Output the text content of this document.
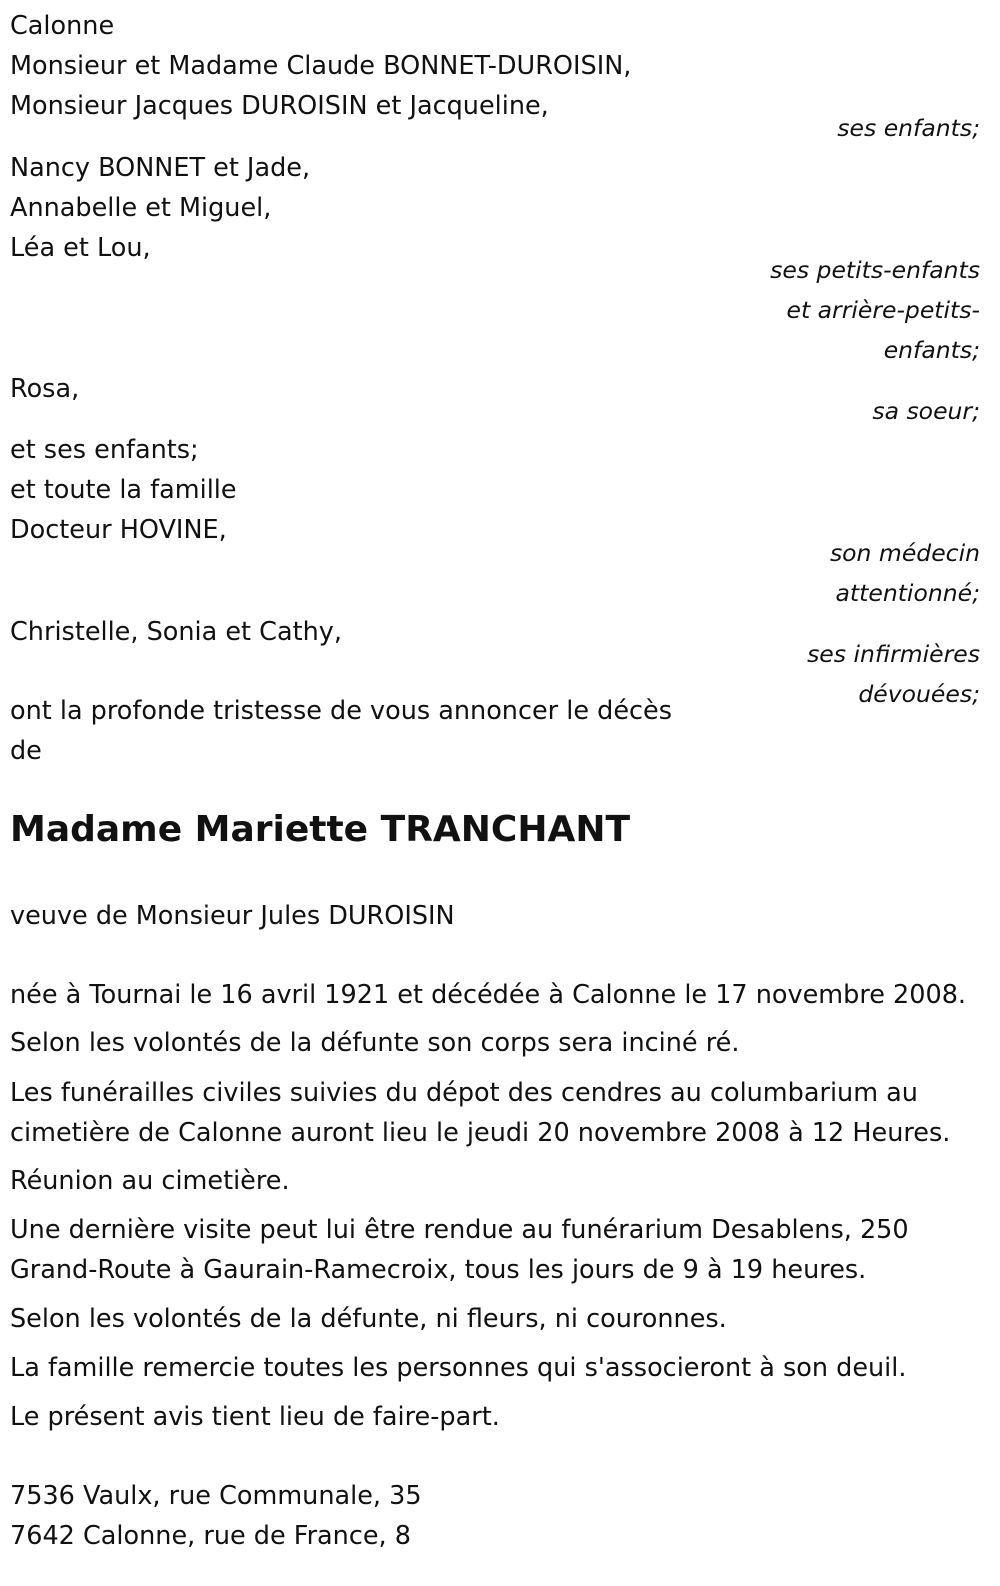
Calonne
Monsieur et Madame Claude BONNET-DUROISIN,
Monsieur Jacques DUROISIN et Jacqueline,
ses enfants;
Nancy BONNET et Jade,
Annabelle et Miguel,
Léa et Lou,
ses petits-enfants
et arrière-petits-
enfants;
Rosa,
sa soeur;
et ses enfants;
et toute la famille
Docteur HOVINE,
son médecin
attentionné;
Christelle, Sonia et Cathy,
ses infirmières
dévouées;
ont la profonde tristesse de vous annoncer le décès
de
Madame Mariette TRANCHANT
veuve de Monsieur Jules DUROISIN
née à Tournai le 16 avril 1921 et décédée à Calonne le 17 novembre 2008.
Selon les volontés de la défunte son corps sera inciné ré.
Les funérailles civiles suivies du dépot des cendres au columbarium au
cimetière de Calonne auront lieu le jeudi 20 novembre 2008 à 12 Heures.
Réunion au cimetière.
Une dernière visite peut lui être rendue au funérarium Desablens, 250
Grand-Route à Gaurain-Ramecroix, tous les jours de 9 à 19 heures.
Selon les volontés de la défunte, ni fleurs, ni couronnes.
La famille remercie toutes les personnes qui s'associeront à son deuil.
Le présent avis tient lieu de faire-part.
7536 Vaulx, rue Communale, 35
7642 Calonne, rue de France, 8
